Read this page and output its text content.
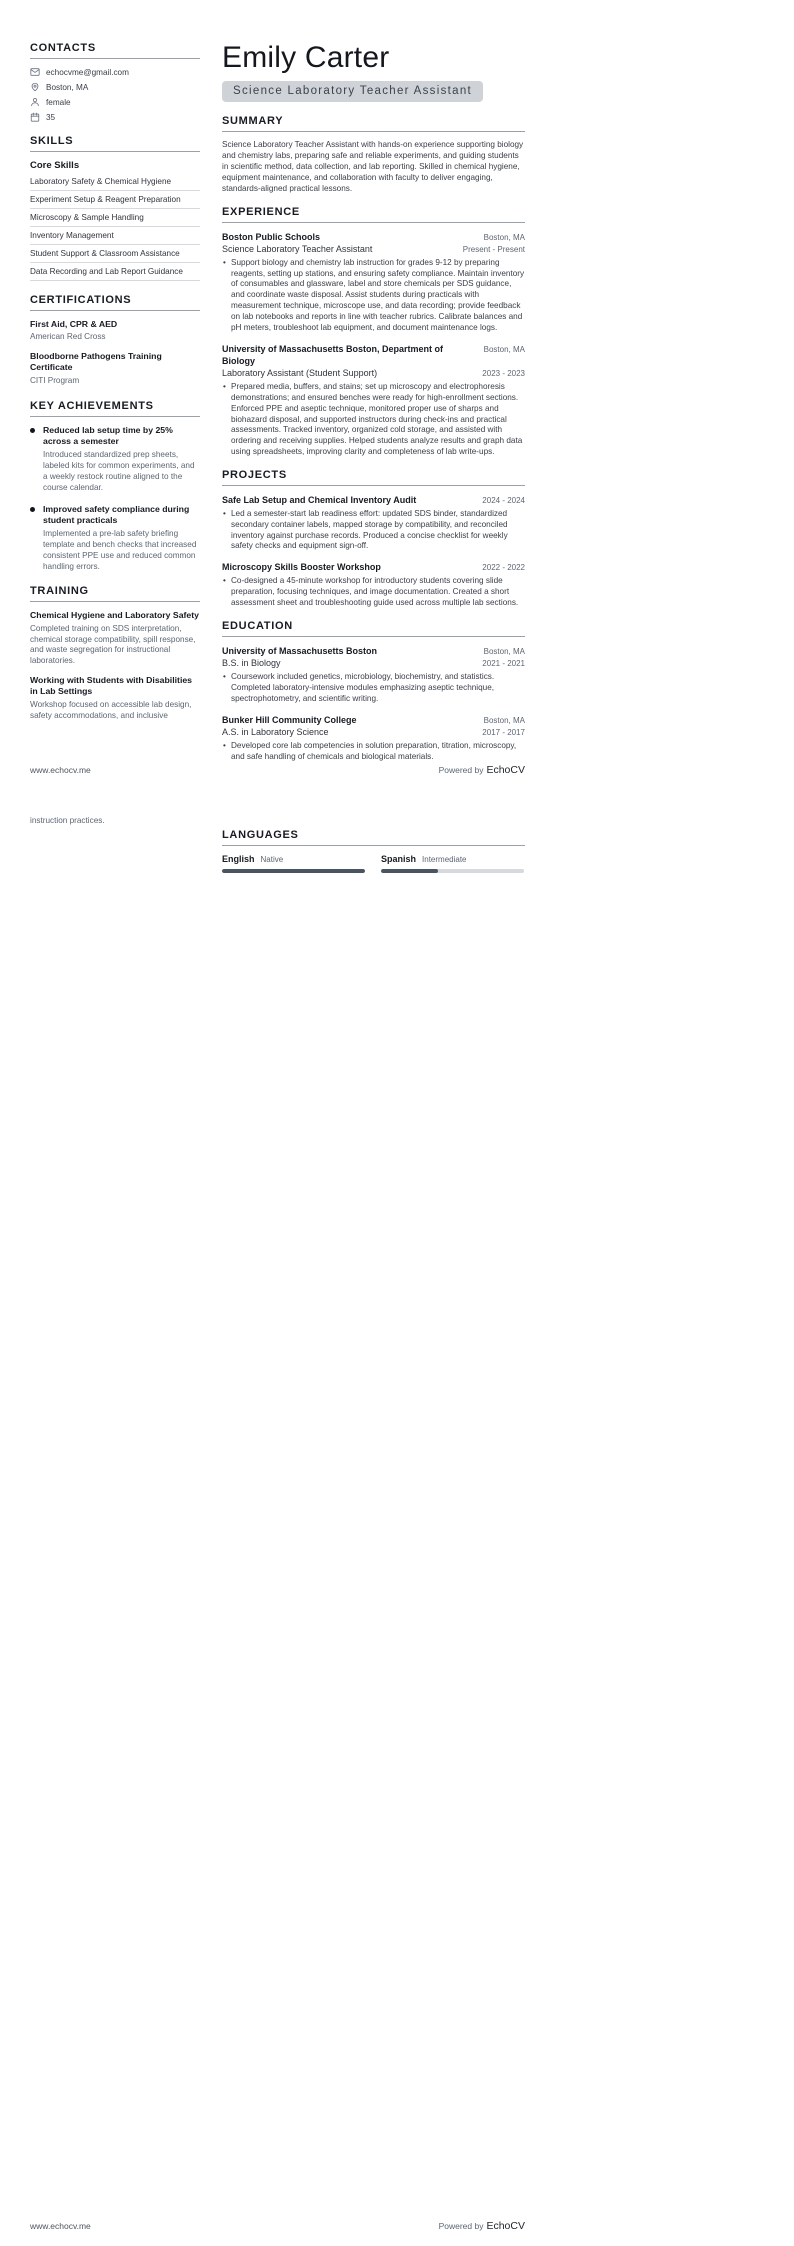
CONTACTS
echocvme@gmail.com
Boston, MA
female
35
SKILLS
Core Skills
Laboratory Safety & Chemical Hygiene
Experiment Setup & Reagent Preparation
Microscopy & Sample Handling
Inventory Management
Student Support & Classroom Assistance
Data Recording and Lab Report Guidance
CERTIFICATIONS
First Aid, CPR & AED
American Red Cross
Bloodborne Pathogens Training Certificate
CITI Program
KEY ACHIEVEMENTS
Reduced lab setup time by 25% across a semester
Introduced standardized prep sheets, labeled kits for common experiments, and a weekly restock routine aligned to the course calendar.
Improved safety compliance during student practicals
Implemented a pre-lab safety briefing template and bench checks that increased consistent PPE use and reduced common handling errors.
TRAINING
Chemical Hygiene and Laboratory Safety
Completed training on SDS interpretation, chemical storage compatibility, spill response, and waste segregation for instructional laboratories.
Working with Students with Disabilities in Lab Settings
Workshop focused on accessible lab design, safety accommodations, and inclusive
Emily Carter
Science Laboratory Teacher Assistant
SUMMARY

Science Laboratory Teacher Assistant with hands-on experience supporting biology and chemistry labs, preparing safe and reliable experiments, and guiding students in scientific method, data collection, and lab reporting. Skilled in chemical hygiene, equipment maintenance, and collaboration with faculty to deliver engaging, standards-aligned practical lessons.

EXPERIENCE
Boston Public Schools	Boston, MA
Science Laboratory Teacher Assistant	Present - Present
• Support biology and chemistry lab instruction for grades 9-12 by preparing reagents, setting up stations, and ensuring safety compliance. Maintain inventory of consumables and glassware, label and store chemicals per SDS guidance, and coordinate waste disposal. Assist students during practicals with measurement technique, microscope use, and data recording; provide feedback on lab notebooks and reports in line with teacher rubrics. Calibrate balances and pH meters, troubleshoot lab equipment, and document maintenance logs.
University of Massachusetts Boston, Department of Biology
Boston, MA
Laboratory Assistant (Student Support)	2023 - 2023
• Prepared media, buffers, and stains; set up microscopy and electrophoresis demonstrations; and ensured benches were ready for high-enrollment sections. Enforced PPE and aseptic technique, monitored proper use of sharps and biohazard disposal, and supported instructors during check-ins and practical assessments. Tracked inventory, organized cold storage, and assisted with ordering and receiving supplies. Helped students analyze results and graph data using spreadsheets, improving clarity and completeness of lab write-ups.
PROJECTS
Safe Lab Setup and Chemical Inventory Audit	2024 - 2024
• Led a semester-start lab readiness effort: updated SDS binder, standardized secondary container labels, mapped storage by compatibility, and reconciled inventory against purchase records. Produced a concise checklist for weekly safety checks and equipment sign-off.
Microscopy Skills Booster Workshop	2022 - 2022
• Co-designed a 45-minute workshop for introductory students covering slide preparation, focusing techniques, and image documentation. Created a short assessment sheet and troubleshooting guide used across multiple lab sections.
EDUCATION
University of Massachusetts Boston	Boston, MA
B.S. in Biology	2021 - 2021
• Coursework included genetics, microbiology, biochemistry, and statistics. Completed laboratory-intensive modules emphasizing aseptic technique, spectrophotometry, and scientific writing.
Bunker Hill Community College	Boston, MA
A.S. in Laboratory Science	2017 - 2017
• Developed core lab competencies in solution preparation, titration, microscopy, and safe handling of chemicals and biological materials.
www.echocv.me	Powered by EchoCV

instruction practices.

LANGUAGES
English Native	Spanish Intermediate
www.echocv.me	Powered by EchoCV
